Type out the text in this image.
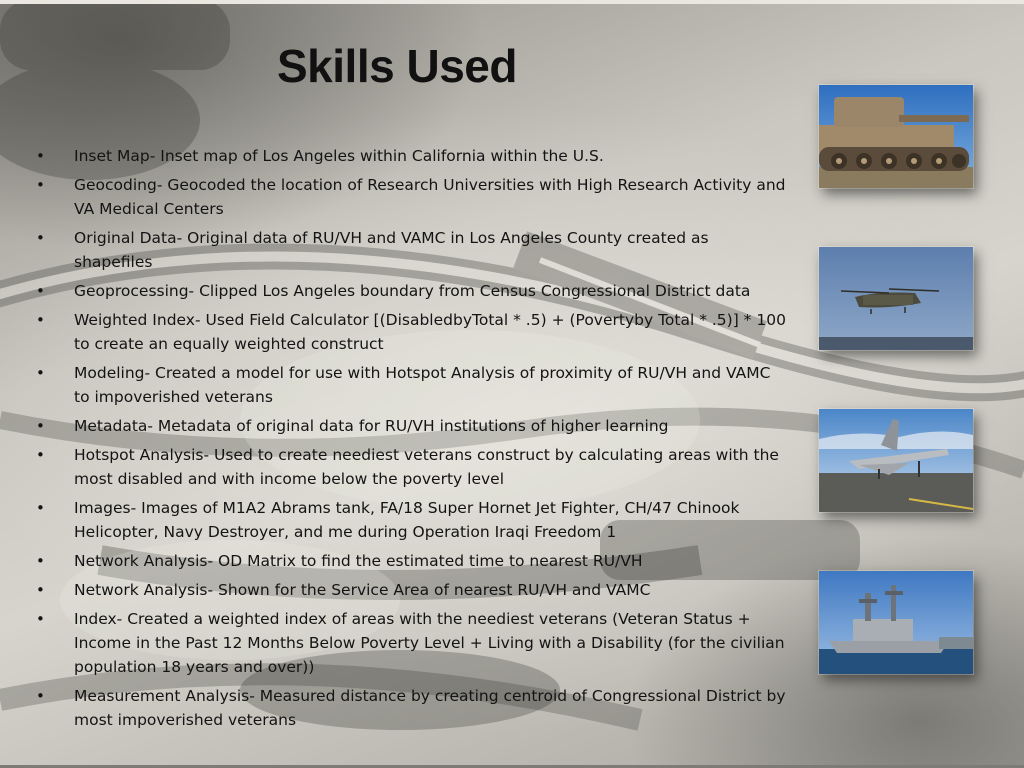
Skills Used
•	Inset Map- Inset map of Los Angeles within California within the U.S.
•	Geocoding- Geocoded the location of Research Universities with High Research Activity and VA Medical Centers
•	Original Data- Original data of RU/VH and VAMC in Los Angeles County created as shapefiles
•	Geoprocessing- Clipped Los Angeles boundary from Census Congressional District data
•	Weighted Index- Used Field Calculator [(DisabledbyTotal * .5) + (Povertyby Total * .5)] * 100 to create an equally weighted construct
•	Modeling- Created a model for use with Hotspot Analysis of proximity of RU/VH and VAMC to impoverished veterans
•	Metadata- Metadata of original data for RU/VH institutions of higher learning
•	Hotspot Analysis- Used to create neediest veterans construct by calculating areas with the most disabled and with income below the poverty level
•	Images- Images of M1A2 Abrams tank, FA/18 Super Hornet Jet Fighter, CH/47 Chinook Helicopter, Navy Destroyer, and me during Operation Iraqi Freedom 1
•	Network Analysis- OD Matrix to find the estimated time to nearest RU/VH
•	Network Analysis- Shown for the Service Area of nearest RU/VH and VAMC
•	Index- Created a weighted index of areas with the neediest veterans (Veteran Status + Income in the Past 12 Months Below Poverty Level + Living with a Disability (for the civilian population 18 years and over))
•	Measurement Analysis- Measured distance by creating centroid of Congressional District by most impoverished veterans
